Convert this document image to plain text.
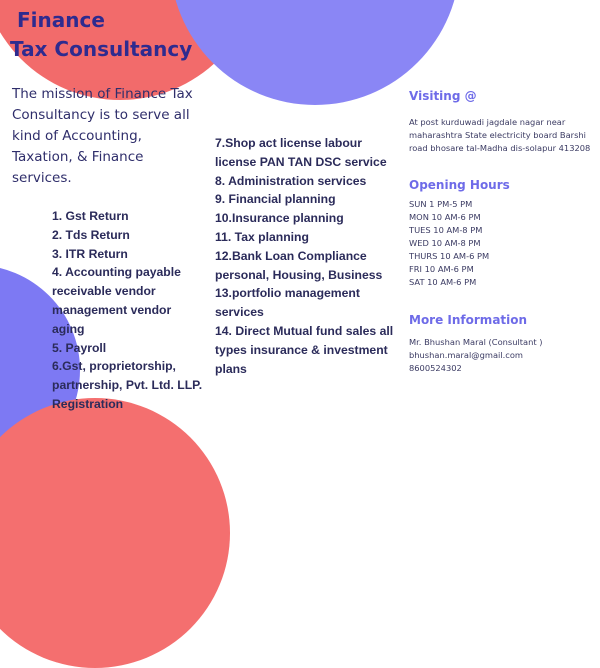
Finance
Tax Consultancy
The mission of Finance Tax Consultancy is to serve all kind of Accounting, Taxation, & Finance services.
1. Gst Return
2. Tds Return
3. ITR Return
4. Accounting payable receivable vendor management vendor aging
5. Payroll
6.Gst, proprietorship, partnership, Pvt. Ltd. LLP. Registration
7.Shop act license labour license PAN TAN DSC service
8. Administration services
9. Financial planning
10.Insurance planning
11. Tax planning
12.Bank Loan Compliance personal, Housing, Business
13.portfolio management services
14. Direct Mutual fund sales all types insurance & investment plans
Visiting @
At post kurduwadi jagdale nagar near maharashtra State electricity board Barshi road bhosare tal-Madha dis-solapur 413208
Opening Hours
SUN 1 PM-5 PM
MON 10 AM-6 PM
TUES 10 AM-8 PM
WED 10 AM-8 PM
THURS 10 AM-6 PM
FRI 10 AM-6 PM
SAT 10 AM-6 PM
More Information
Mr. Bhushan Maral (Consultant )
bhushan.maral@gmail.com
8600524302
